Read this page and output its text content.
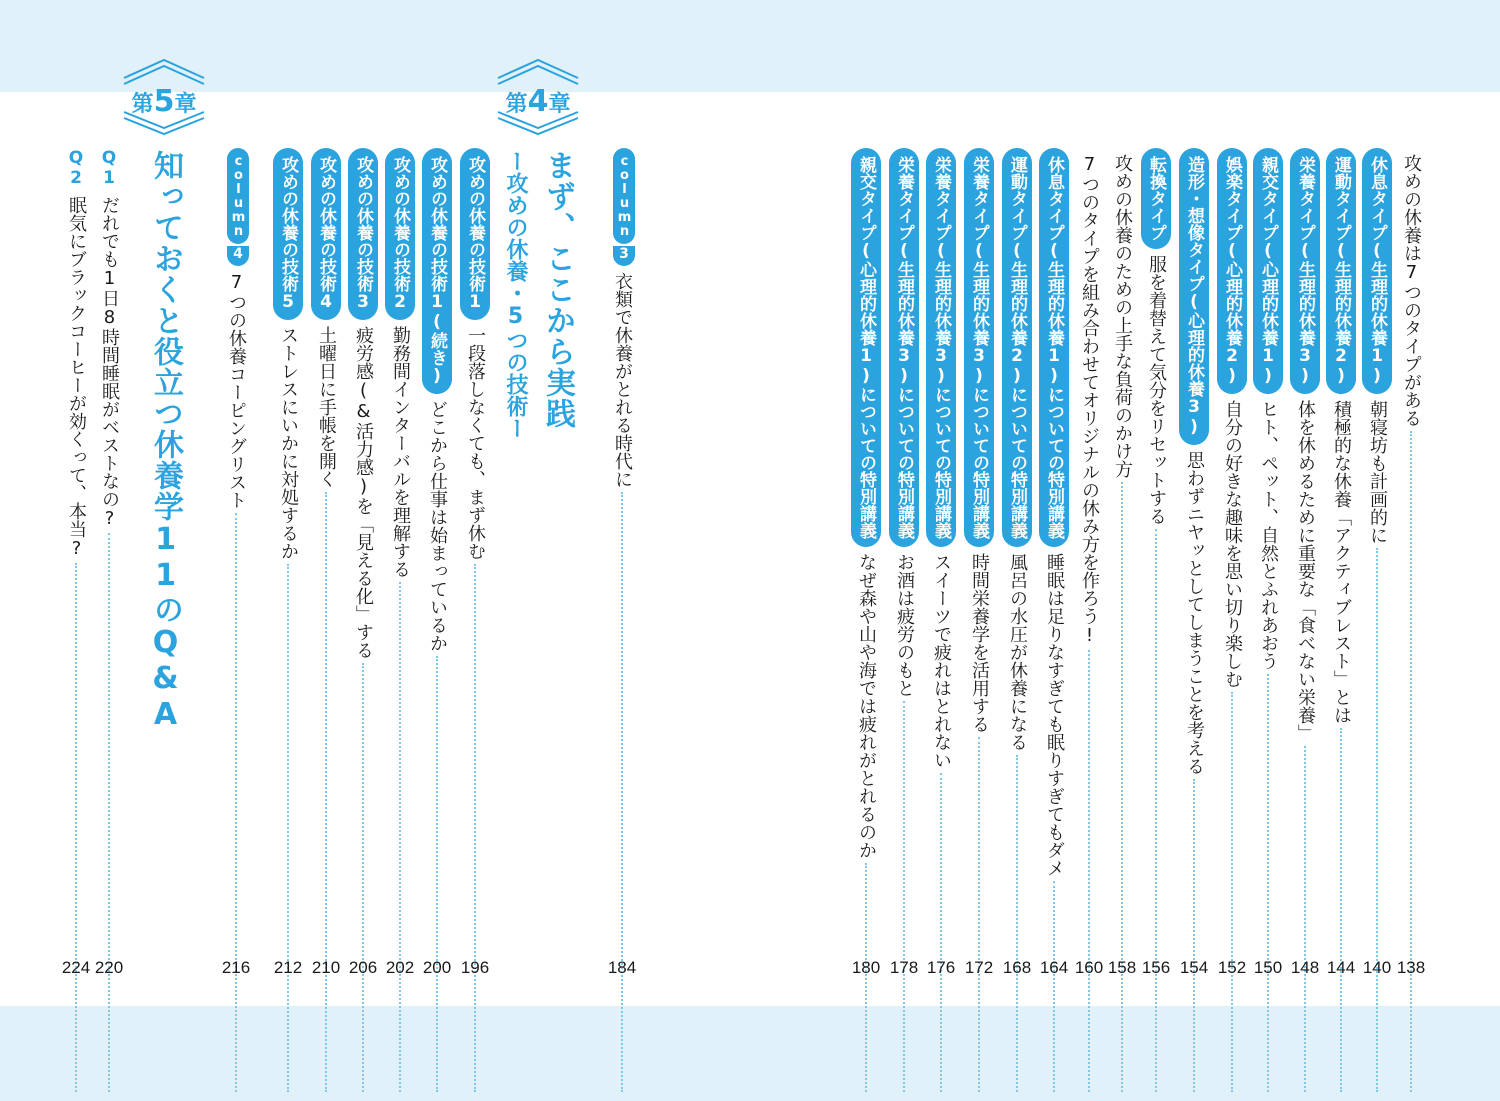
攻めの休養は7つのタイプがある
138
休息タイプ(生理的休養1)
朝寝坊も計画的に
140
運動タイプ(生理的休養2)
積極的な休養「アクティブレスト」とは
144
栄養タイプ(生理的休養3)
体を休めるために重要な「食べない栄養」
148
親交タイプ(心理的休養1)
ヒト、ペット、自然とふれあおう
150
娯楽タイプ(心理的休養2)
自分の好きな趣味を思い切り楽しむ
152
造形・想像タイプ(心理的休養3)
思わずニヤッとしてしまうことを考える
154
転換タイプ
服を着替えて気分をリセットする
156
攻めの休養のための上手な負荷のかけ方
158
7つのタイプを組み合わせてオリジナルの休み方を作ろう!
160
休息タイプ(生理的休養1)についての特別講義
睡眠は足りなすぎても眠りすぎてもダメ
164
運動タイプ(生理的休養2)についての特別講義
風呂の水圧が休養になる
168
栄養タイプ(生理的休養3)についての特別講義
時間栄養学を活用する
172
栄養タイプ(生理的休養3)についての特別講義
スイーツで疲れはとれない
176
栄養タイプ(生理的休養3)についての特別講義
お酒は疲労のもと
178
親交タイプ(心理的休養1)についての特別講義
なぜ森や山や海では疲れがとれるのか
180
column
3
衣類で休養がとれる時代に
184
第4章
まず、ここから実践
ー攻めの休養・5つの技術ー
攻めの休養の技術1
一段落しなくても、まず休む
196
攻めの休養の技術1(続き)
どこから仕事は始まっているか
200
攻めの休養の技術2
勤務間インターバルを理解する
202
攻めの休養の技術3
疲労感(&活力感)を「見える化」する
206
攻めの休養の技術4
土曜日に手帳を開く
210
攻めの休養の技術5
ストレスにいかに対処するか
212
column
4
7つの休養コーピングリスト
216
第5章
知っておくと役立つ休養学11のQ&A
Q1
だれでも1日8時間睡眠がベストなの?
220
Q2
眠気にブラックコーヒーが効くって、本当?
224
